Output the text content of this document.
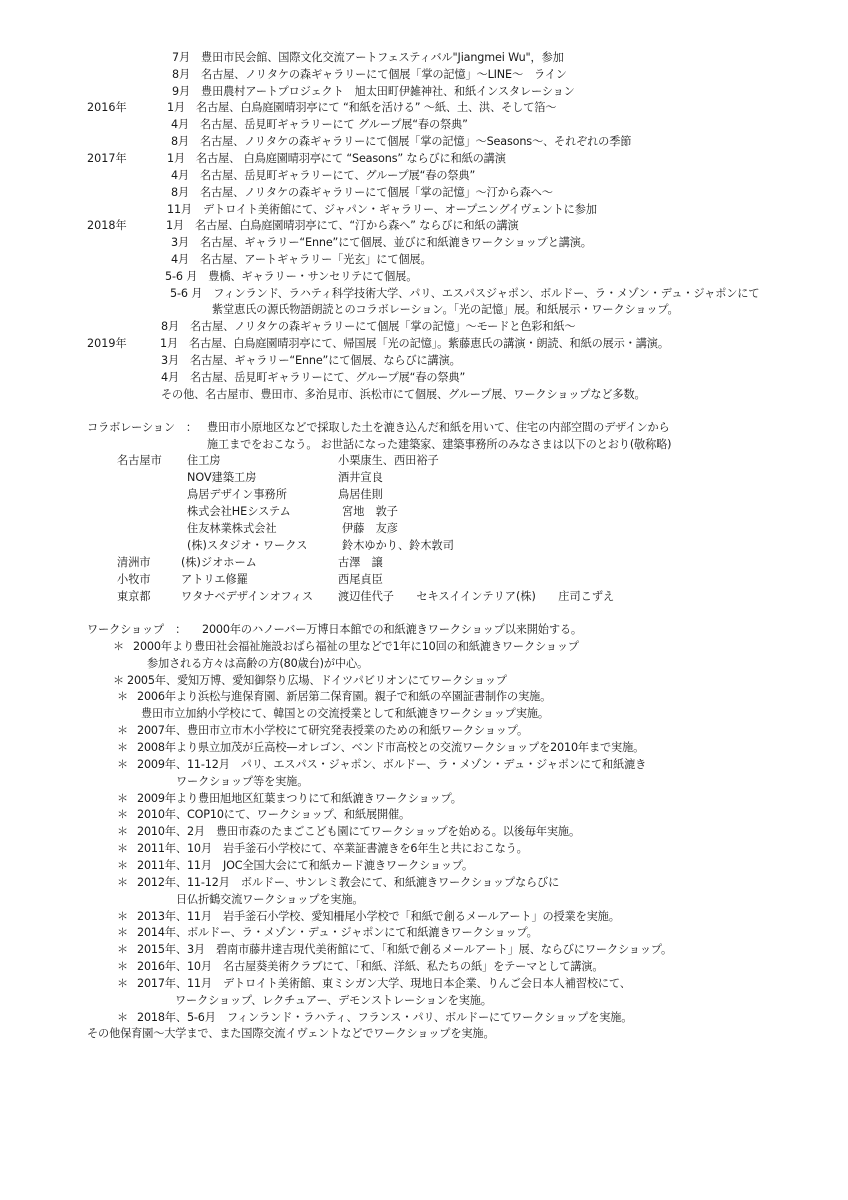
7月　豊田市民会館、国際文化交流アートフェスティバル"Jiangmei Wu"，参加
8月　名古屋、ノリタケの森ギャラリーにて個展「掌の記憶」～LINE～　ライン
9月　豊田農村アートプロジェクト　旭太田町伊雑神社、和紙インスタレーション
2016年	1月　名古屋、白鳥庭園晴羽亭にて “和紙を活ける” ～紙、土、洪、そして箔～
4月　名古屋、岳見町ギャラリーにて グループ展“春の祭典”
8月　名古屋、ノリタケの森ギャラリーにて個展「掌の記憶」～Seasons～、それぞれの季節
2017年	1月　名古屋、 白鳥庭園晴羽亭にて “Seasons” ならびに和紙の講演
4月　名古屋、岳見町ギャラリーにて、グループ展“春の祭典”
8月　名古屋、ノリタケの森ギャラリーにて個展「掌の記憶」～汀から森へ～
11月　デトロイト美術館にて、ジャパン・ギャラリー、オープニングイヴェントに参加
2018年	1月　名古屋、白鳥庭園晴羽亭にて、“汀から森へ” ならびに和紙の講演
3月　名古屋、ギャラリー“Enne”にて個展、並びに和紙漉きワークショップと講演。
4月　名古屋、アートギャラリー「光玄」にて個展。
5-6 月　豊橋、ギャラリー・サンセリテにて個展。
5-6 月　フィンランド、ラハティ科学技術大学、パリ、エスパスジャポン、ボルドー、ラ・メゾン・デュ・ジャポンにて
紫堂恵氏の源氏物語朗読とのコラボレーション。「光の記憶」展。和紙展示・ワークショップ。
8月　名古屋、ノリタケの森ギャラリーにて個展「掌の記憶」～モードと色彩和紙～
2019年	1月　名古屋、白鳥庭園晴羽亭にて、帰国展「光の記憶」。紫藤恵氏の講演・朗読、和紙の展示・講演。
3月　名古屋、ギャラリー“Enne”にて個展、ならびに講演。
4月　名古屋、岳見町ギャラリーにて、グループ展“春の祭典”
その他、名古屋市、豊田市、多治見市、浜松市にて個展、グループ展、ワークショップなど多数。
コラボレーション　： 豊田市小原地区などで採取した土を漉き込んだ和紙を用いて、住宅の内部空間のデザインから
施工までをおこなう。 お世話になった建築家、建築事務所のみなさまは以下のとおり(敬称略)
名古屋市 住工房	小栗康生、西田裕子
NOV建築工房	酒井宣良
鳥居デザイン事務所	鳥居佳則
株式会社HEシステム	宮地　敦子
住友林業株式会社	伊藤　友彦
(株)スタジオ・ワークス	鈴木ゆかり、鈴木敦司
清洲市	(株)ジオホーム	古澤　譲
小牧市	アトリエ修羅	西尾貞臣
東京都	ワタナベデザインオフィス 渡辺佳代子　　セキスイインテリア(株)　　庄司こずえ
ワークショップ　： 2000年のハノーバー万博日本館での和紙漉きワークショップ以来開始する。
＊ 2000年より豊田社会福祉施設おばら福祉の里などで1年に10回の和紙漉きワークショップ
参加される方々は高齢の方(80歳台)が中心。
＊ 2005年、愛知万博、愛知御祭り広場、ドイツパビリオンにてワークショップ
＊ 2006年より浜松与進保育園、新居第二保育園。親子で和紙の卒園証書制作の実施。
豊田市立加納小学校にて、韓国との交流授業として和紙漉きワークショップ実施。
＊ 2007年、豊田市立市木小学校にて研究発表授業のための和紙ワークショップ。
＊ 2008年より県立加茂が丘高校—オレゴン、ベンド市高校との交流ワークショップを2010年まで実施。
＊ 2009年、11-12月　パリ、エスパス・ジャポン、ボルドー、ラ・メゾン・デュ・ジャポンにて和紙漉き
ワークショップ等を実施。
＊ 2009年より豊田旭地区紅葉まつりにて和紙漉きワークショップ。
＊ 2010年、COP10にて、ワークショップ、和紙展開催。
＊ 2010年、2月　豊田市森のたまごこども園にてワークショップを始める。以後毎年実施。
＊ 2011年、10月　岩手釜石小学校にて、卒業証書漉きを6年生と共におこなう。
＊ 2011年、11月　JOC全国大会にて和紙カード漉きワークショップ。
＊ 2012年、11-12月　ボルドー、サンレミ教会にて、和紙漉きワークショップならびに
日仏折鶴交流ワークショップを実施。
＊ 2013年、11月　岩手釜石小学校、愛知柵尾小学校で「和紙で創るメールアート」の授業を実施。
＊ 2014年、ボルドー、ラ・メゾン・デュ・ジャポンにて和紙漉きワークショップ。
＊ 2015年、3月　碧南市藤井達吉現代美術館にて、「和紙で創るメールアート」展、ならびにワークショップ。
＊ 2016年、10月　名古屋葵美術クラブにて、「和紙、洋紙、私たちの紙」をテーマとして講演。
＊ 2017年、11月　デトロイト美術館、東ミシガン大学、現地日本企業、りんご会日本人補習校にて、
ワークショップ、レクチュアー、デモンストレーションを実施。
＊ 2018年、5-6月　フィンランド・ラハティ、フランス・パリ、ボルドーにてワークショップを実施。
その他保育園～大学まで、また国際交流イヴェントなどでワークショップを実施。
